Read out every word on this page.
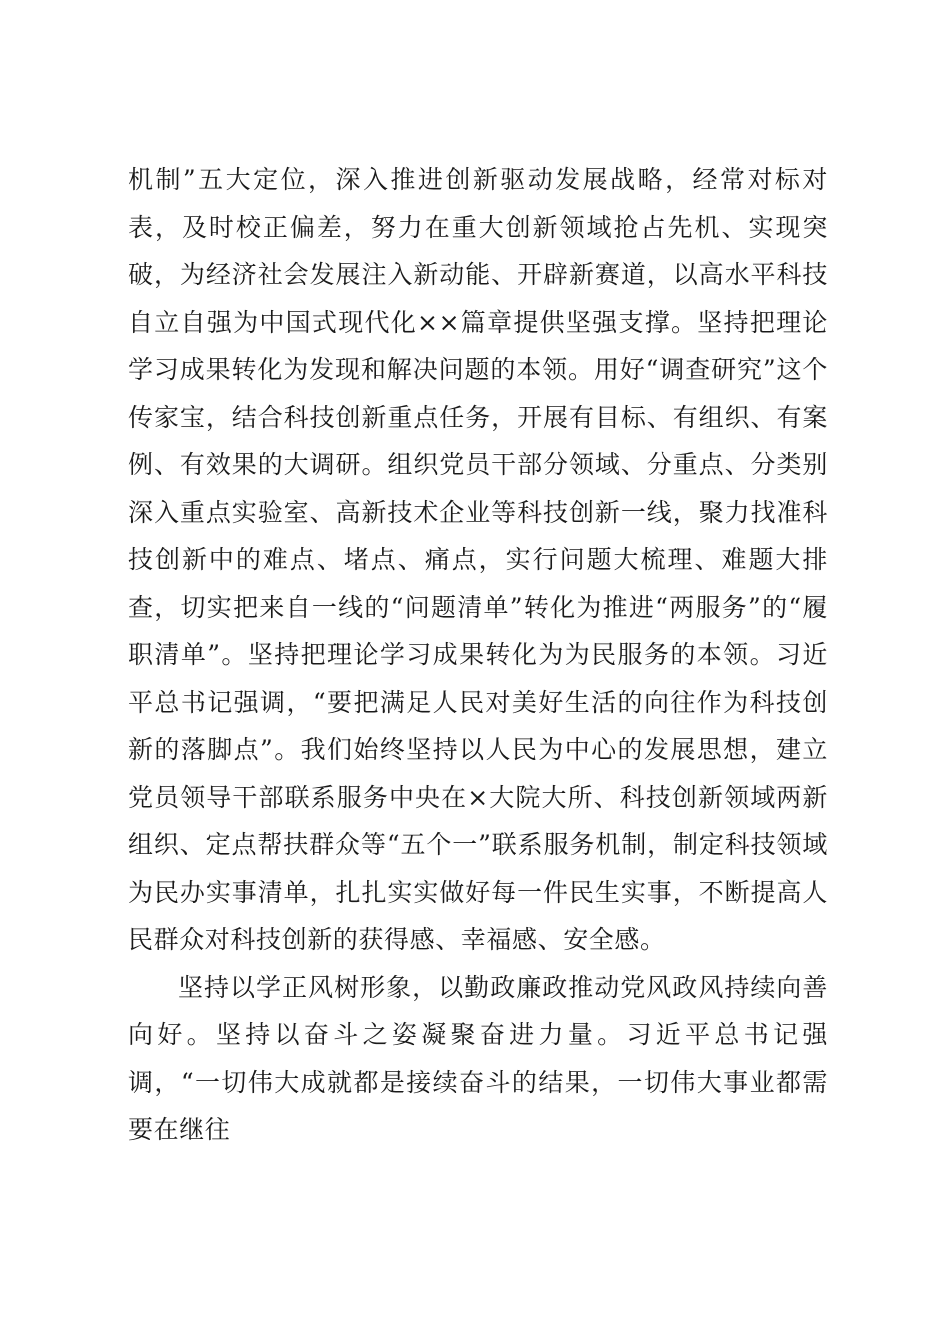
机制”五大定位，深入推进创新驱动发展战略，经常对标对表，及时校正偏差，努力在重大创新领域抢占先机、实现突破，为经济社会发展注入新动能、开辟新赛道，以高水平科技自立自强为中国式现代化××篇章提供坚强支撑。坚持把理论学习成果转化为发现和解决问题的本领。用好“调查研究”这个传家宝，结合科技创新重点任务，开展有目标、有组织、有案例、有效果的大调研。组织党员干部分领域、分重点、分类别深入重点实验室、高新技术企业等科技创新一线，聚力找准科技创新中的难点、堵点、痛点，实行问题大梳理、难题大排查，切实把来自一线的“问题清单”转化为推进“两服务”的“履职清单”。坚持把理论学习成果转化为为民服务的本领。习近平总书记强调，“要把满足人民对美好生活的向往作为科技创新的落脚点”。我们始终坚持以人民为中心的发展思想，建立党员领导干部联系服务中央在×大院大所、科技创新领域两新组织、定点帮扶群众等“五个一”联系服务机制，制定科技领域为民办实事清单，扎扎实实做好每一件民生实事，不断提高人民群众对科技创新的获得感、幸福感、安全感。

坚持以学正风树形象，以勤政廉政推动党风政风持续向善向好。坚持以奋斗之姿凝聚奋进力量。习近平总书记强调，“一切伟大成就都是接续奋斗的结果，一切伟大事业都需要在继往
